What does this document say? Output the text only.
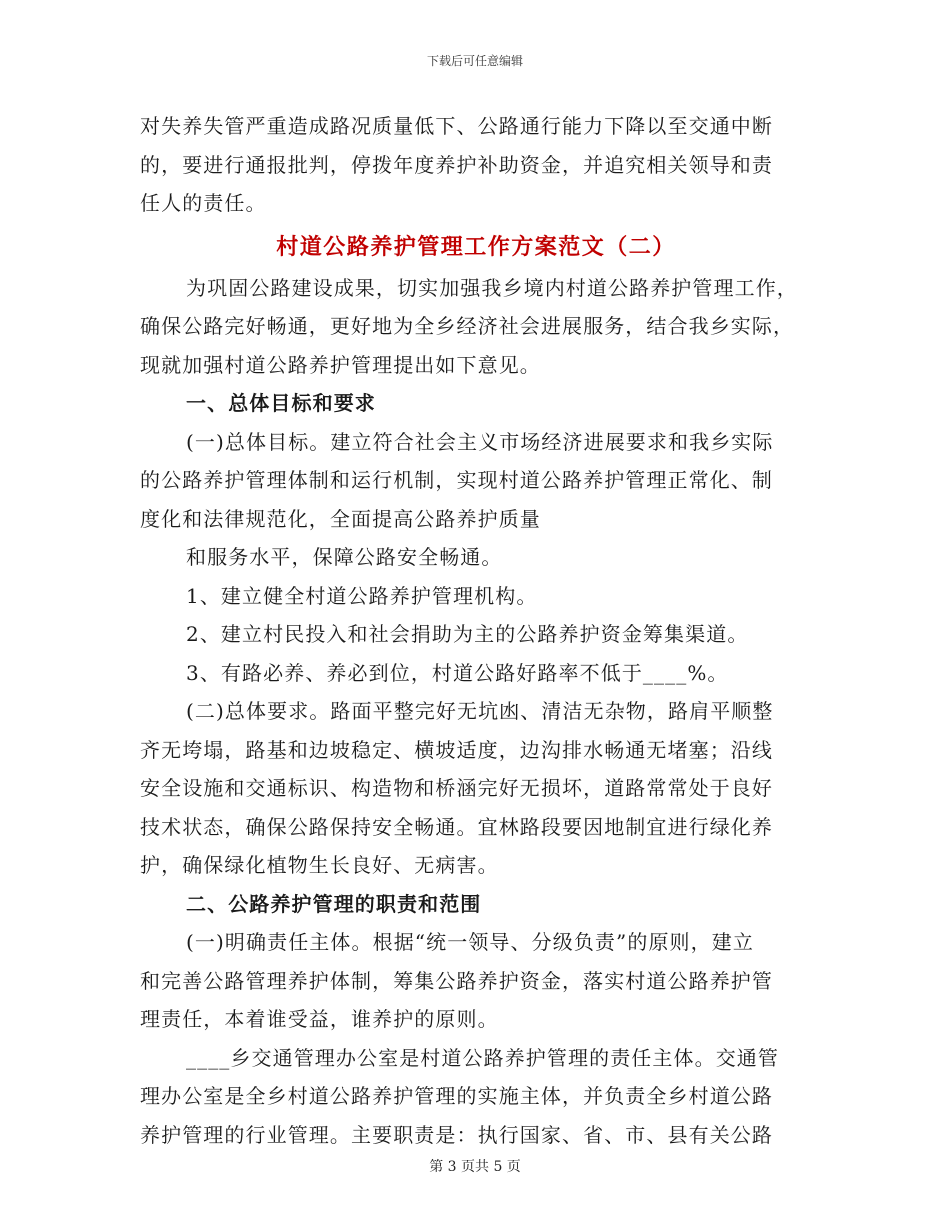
下载后可任意编辑

对失养失管严重造成路况质量低下、公路通行能力下降以至交通中断
的，要进行通报批判，停拨年度养护补助资金，并追究相关领导和责
任人的责任。

村道公路养护管理工作方案范文（二）

为巩固公路建设成果，切实加强我乡境内村道公路养护管理工作，
确保公路完好畅通，更好地为全乡经济社会进展服务，结合我乡实际，
现就加强村道公路养护管理提出如下意见。

一、总体目标和要求

(一)总体目标。建立符合社会主义市场经济进展要求和我乡实际
的公路养护管理体制和运行机制，实现村道公路养护管理正常化、制
度化和法律规范化，全面提高公路养护质量

和服务水平，保障公路安全畅通。

1、建立健全村道公路养护管理机构。

2、建立村民投入和社会捐助为主的公路养护资金筹集渠道。

3、有路必养、养必到位，村道公路好路率不低于____%。

(二)总体要求。路面平整完好无坑凼、清洁无杂物，路肩平顺整
齐无垮塌，路基和边坡稳定、横坡适度，边沟排水畅通无堵塞；沿线
安全设施和交通标识、构造物和桥涵完好无损坏，道路常常处于良好
技术状态，确保公路保持安全畅通。宜林路段要因地制宜进行绿化养
护，确保绿化植物生长良好、无病害。

二、公路养护管理的职责和范围

(一)明确责任主体。根据“统一领导、分级负责”的原则，建立
和完善公路管理养护体制，筹集公路养护资金，落实村道公路养护管
理责任，本着谁受益，谁养护的原则。

____乡交通管理办公室是村道公路养护管理的责任主体。交通管
理办公室是全乡村道公路养护管理的实施主体，并负责全乡村道公路
养护管理的行业管理。主要职责是：执行国家、省、市、县有关公路

第 3 页共 5 页
